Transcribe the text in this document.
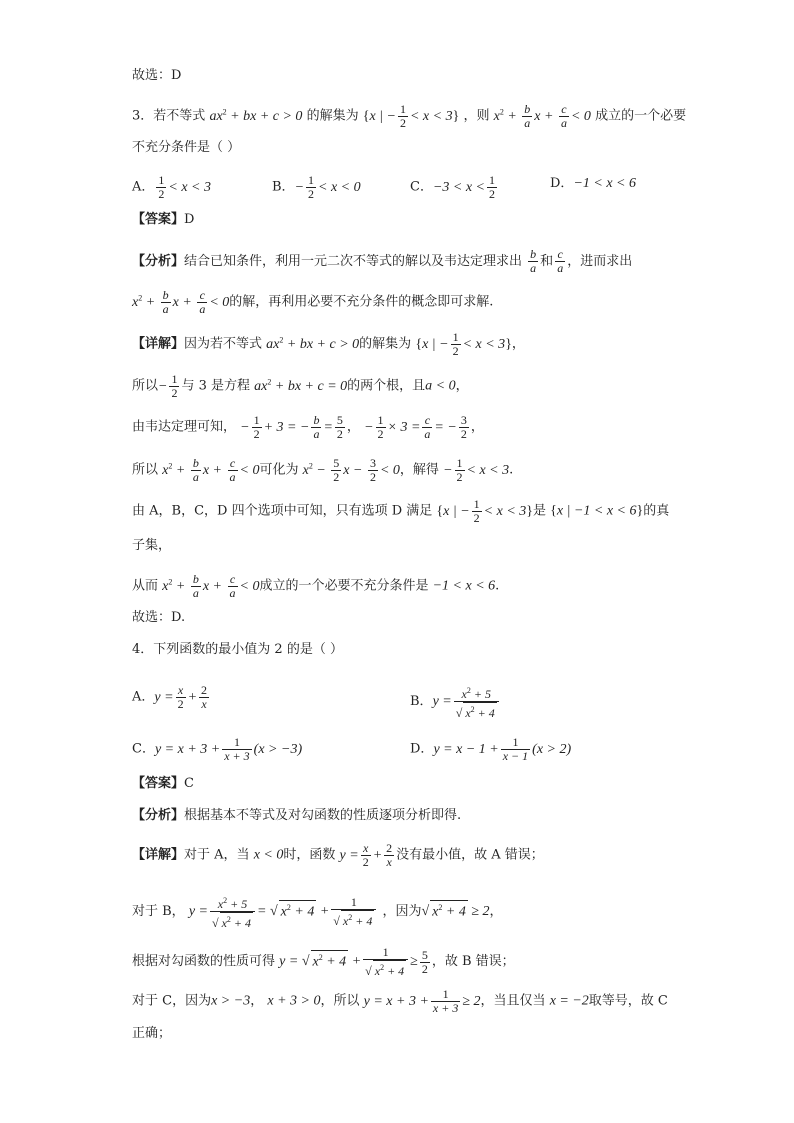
故选：D
3．若不等式 $ax^2$ + bx + c > 0 的解集为 {x | − $\frac{1}{2} < x < 3$} ，则 $x^2 + \frac{b}{a}$ $x + \frac{c}{a} < 0$ 成立的一个必要
不充分条件是（ ）
A． $\frac{1}{2} < x < 3$	B．− $\frac{1}{2} < x < 0$	C．$-3 < x < \frac{1}{2}$	D．−1 < x < 6
【答案】D
【分析】结合已知条件，利用一元二次不等式的解以及韦达定理求出 $\frac{b}{a}$ 和 $\frac{c}{a}$ ，进而求出
$x^2 + \frac{b}{a}$ $x + \frac{c}{a} < 0$的解，再利用必要不充分条件的概念即可求解.
【详解】因为若不等式 $ax^2$ + bx + c > 0的解集为 {x | − $\frac{1}{2} < x < 3$}，
所以− $\frac{1}{2}$ 与 3 是方程 $ax^2$ + bx + c = 0的两个根，且a < 0，
由韦达定理可知， − $\frac{1}{2} + 3$ = − $\frac{b}{a} = \frac{5}{2}$ ， − $\frac{1}{2} \times 3 = \frac{c}{a}$ = − $\frac{3}{2}$ ，
所以 $x^2 + \frac{b}{a}$ $x + \frac{c}{a} < 0$可化为 $x^2 - \frac{5}{2}$ $x - \frac{3}{2} < 0$，解得 − $\frac{1}{2} < x < 3$.
由 A，B，C，D 四个选项中可知，只有选项 D 满足 {x | − $\frac{1}{2} < x < 3$}是 {x | −1 < x < 6}的真
子集，
从而 $x^2 + \frac{b}{a}$ $x + \frac{c}{a} < 0$成立的一个必要不充分条件是 −1 < x < 6.
故选：D.
4．下列函数的最小值为 2 的是（ ）
A．$y = \frac{x}{2} + \frac{2}{x}$	B．$y = \frac{x^2 + 5}{√ x^2 + 4}$
C．$y = x + 3 + \frac{1}{x + 3} (x > -3)$	D．$y = x - 1 + \frac{1}{x - 1} (x > 2)$
【答案】C
【分析】根据基本不等式及对勾函数的性质逐项分析即得.
【详解】对于 A，当 x < 0时，函数 $y = \frac{x}{2} + \frac{2}{x}$ 没有最小值，故 A 错误；
对于 B， $y = \frac{x^2 + 5}{√ x^2 + 4}$ = √ $x^2 + 4 + \frac{1}{√ x^2 + 4}$ ，因为√ $x^2 + 4 \ge 2$，
根据对勾函数的性质可得 y = √ $x^2 + 4 + \frac{1}{√ x^2 + 4} \ge \frac{5}{2}$ ，故 B 错误；
对于 C，因为x > −3， x + 3 > 0，所以 $y = x + 3 + \frac{1}{x + 3} \ge 2$，当且仅当 x = −2取等号，故 C
正确；
